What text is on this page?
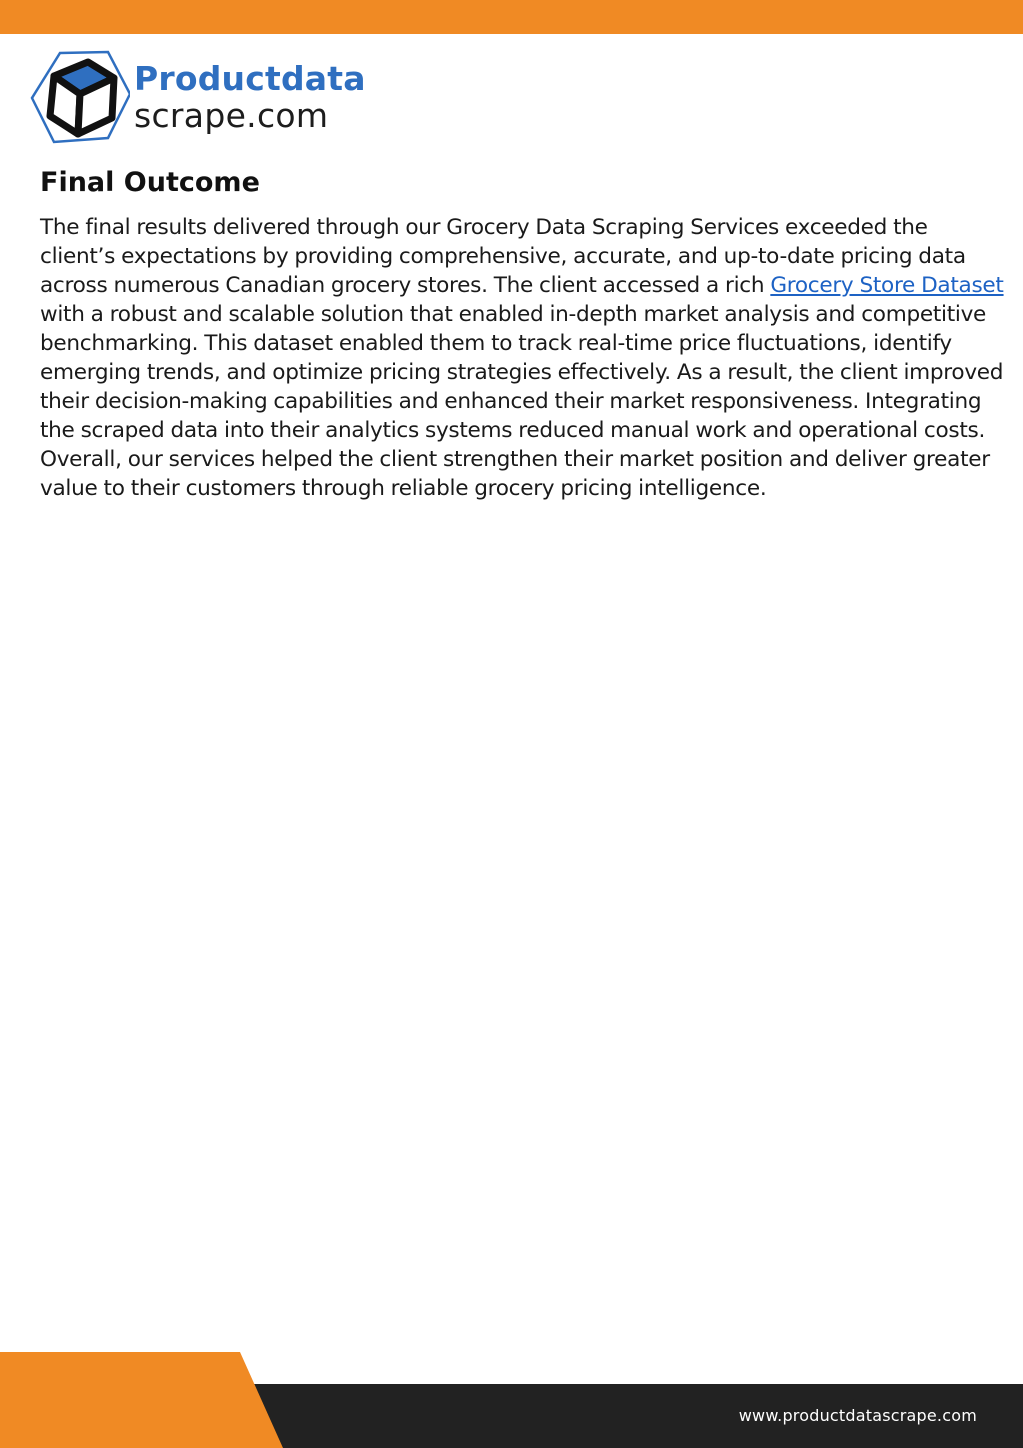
Productdata
scrape.com
Final Outcome

The final results delivered through our Grocery Data Scraping Services exceeded the client’s expectations by providing comprehensive, accurate, and up-to-date pricing data across numerous Canadian grocery stores. The client accessed a rich Grocery Store Dataset with a robust and scalable solution that enabled in-depth market analysis and competitive benchmarking. This dataset enabled them to track real-time price fluctuations, identify emerging trends, and optimize pricing strategies effectively. As a result, the client improved their decision-making capabilities and enhanced their market responsiveness. Integrating the scraped data into their analytics systems reduced manual work and operational costs. Overall, our services helped the client strengthen their market position and deliver greater value to their customers through reliable grocery pricing intelligence.

www.productdatascrape.com
